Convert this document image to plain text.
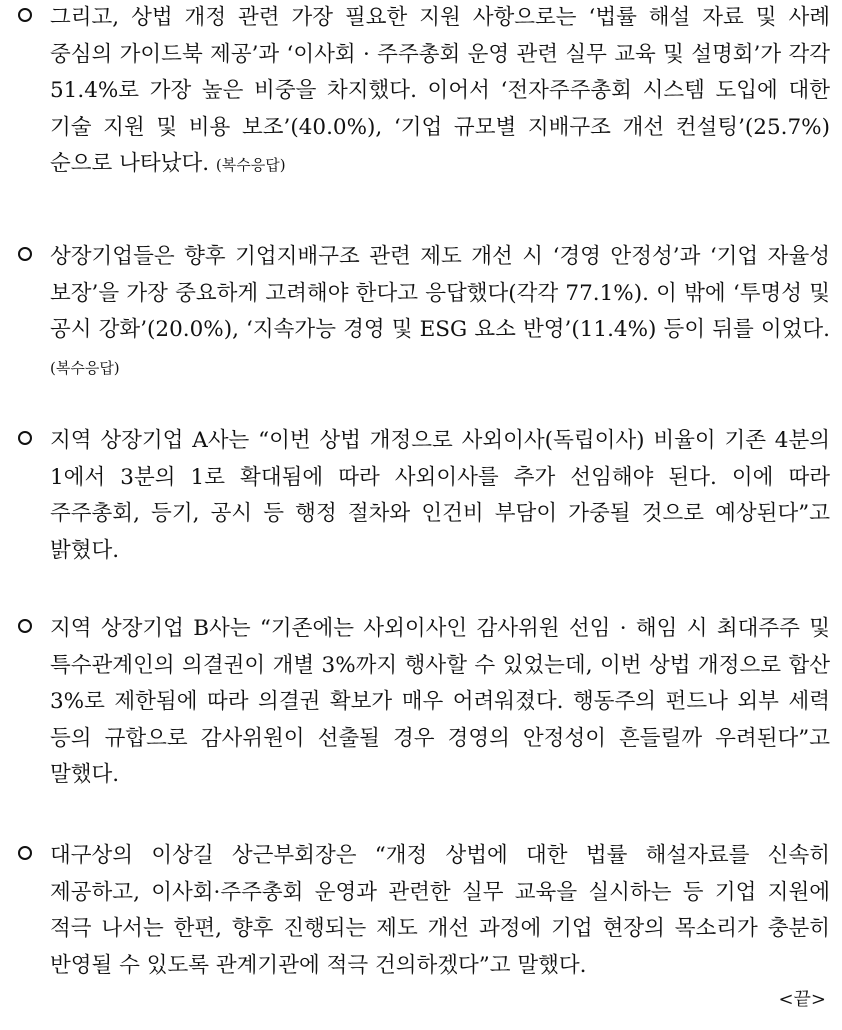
그리고, 상법 개정 관련 가장 필요한 지원 사항으로는 ‘법률 해설 자료 및 사례 중심의 가이드북 제공’과 ‘이사회 · 주주총회 운영 관련 실무 교육 및 설명회’가 각각 51.4%로 가장 높은 비중을 차지했다. 이어서 ‘전자주주총회 시스템 도입에 대한 기술 지원 및 비용 보조’(40.0%), ‘기업 규모별 지배구조 개선 컨설팅’(25.7%) 순으로 나타났다. (복수응답)
상장기업들은 향후 기업지배구조 관련 제도 개선 시 ‘경영 안정성’과 ‘기업 자율성 보장’을 가장 중요하게 고려해야 한다고 응답했다(각각 77.1%). 이 밖에 ‘투명성 및 공시 강화’(20.0%), ‘지속가능 경영 및 ESG 요소 반영’(11.4%) 등이 뒤를 이었다. (복수응답)
지역 상장기업 A사는 “이번 상법 개정으로 사외이사(독립이사) 비율이 기존 4분의 1에서 3분의 1로 확대됨에 따라 사외이사를 추가 선임해야 된다. 이에 따라 주주총회, 등기, 공시 등 행정 절차와 인건비 부담이 가중될 것으로 예상된다”고 밝혔다.
지역 상장기업 B사는 “기존에는 사외이사인 감사위원 선임 · 해임 시 최대주주 및 특수관계인의 의결권이 개별 3%까지 행사할 수 있었는데, 이번 상법 개정으로 합산 3%로 제한됨에 따라 의결권 확보가 매우 어려워졌다. 행동주의 펀드나 외부 세력 등의 규합으로 감사위원이 선출될 경우 경영의 안정성이 흔들릴까 우려된다”고 말했다.
대구상의 이상길 상근부회장은 “개정 상법에 대한 법률 해설자료를 신속히 제공하고, 이사회·주주총회 운영과 관련한 실무 교육을 실시하는 등 기업 지원에 적극 나서는 한편, 향후 진행되는 제도 개선 과정에 기업 현장의 목소리가 충분히 반영될 수 있도록 관계기관에 적극 건의하겠다”고 말했다.
<끝>
